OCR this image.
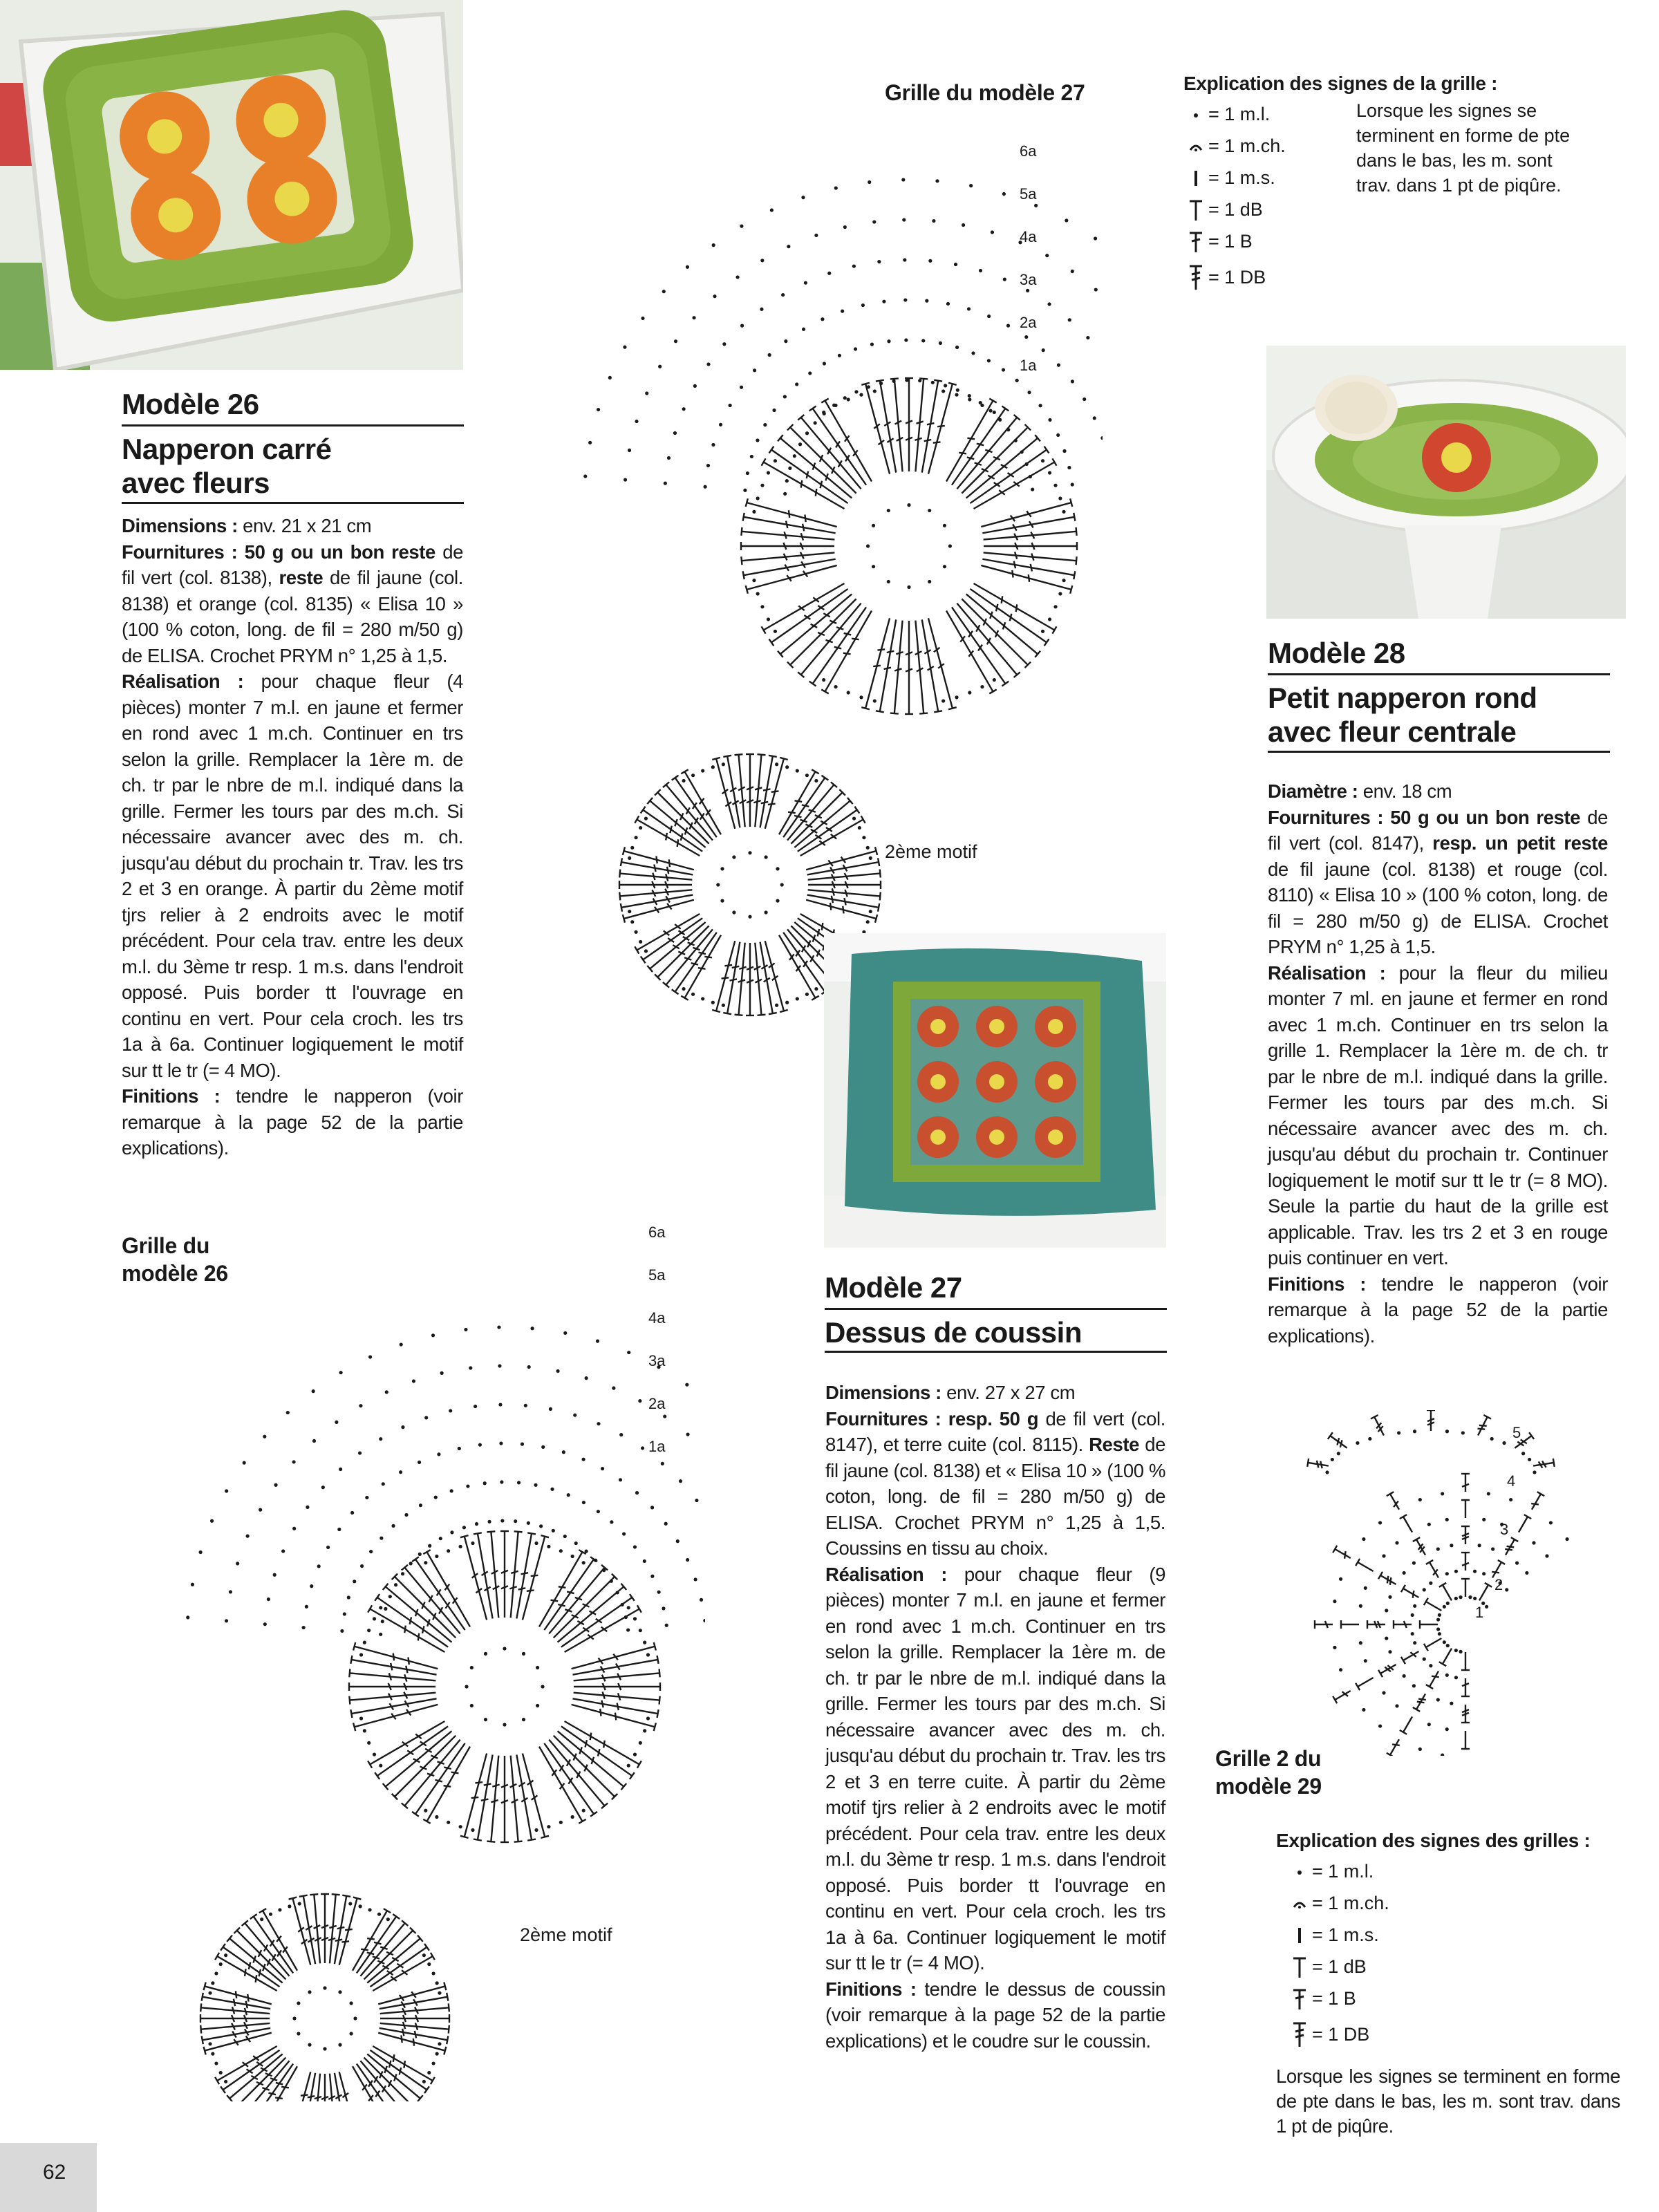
Modèle 26
Napperon carré
avec fleurs

Dimensions : env. 21 x 21 cm

Fournitures : 50 g ou un bon reste de fil vert (col. 8138), reste de fil jaune (col. 8138) et orange (col. 8135) « Elisa 10 » (100 % coton, long. de fil = 280 m/50 g) de ELISA. Crochet PRYM n° 1,25 à 1,5.

Réalisation : pour chaque fleur (4 pièces) monter 7 m.l. en jaune et fermer en rond avec 1 m.ch. Continuer en trs selon la grille. Remplacer la 1ère m. de ch. tr par le nbre de m.l. indiqué dans la grille. Fermer les tours par des m.ch. Si nécessaire avancer avec des m. ch. jusqu'au début du prochain tr. Trav. les trs 2 et 3 en orange. À partir du 2ème motif tjrs relier à 2 endroits avec le motif précédent. Pour cela trav. entre les deux m.l. du 3ème tr resp. 1 m.s. dans l'endroit opposé. Puis border tt l'ouvrage en continu en vert. Pour cela croch. les trs 1a à 6a. Continuer logiquement le motif sur tt le tr (= 4 MO).

Finitions : tendre le napperon (voir remarque à la page 52 de la partie explications).

Grille du
modèle 26
6a
5a
4a
3a
2a
1a
2ème motif
Grille du modèle 27
6a
5a
4a
3a
2a
1a
2ème motif
Explication des signes de la grille :
= 1 m.l.
= 1 m.ch.
= 1 m.s.
= 1 dB
= 1 B
= 1 DB
Lorsque les signes se terminent en forme de pte dans le bas, les m. sont trav. dans 1 pt de piqûre.
Modèle 28
Petit napperon rond
avec fleur centrale

Diamètre : env. 18 cm

Fournitures : 50 g ou un bon reste de fil vert (col. 8147), resp. un petit reste de fil jaune (col. 8138) et rouge (col. 8110) « Elisa 10 » (100 % coton, long. de fil = 280 m/50 g) de ELISA. Crochet PRYM n° 1,25 à 1,5.

Réalisation : pour la fleur du milieu monter 7 ml. en jaune et fermer en rond avec 1 m.ch. Continuer en trs selon la grille 1. Remplacer la 1ère m. de ch. tr par le nbre de m.l. indiqué dans la grille. Fermer les tours par des m.ch. Si nécessaire avancer avec des m. ch. jusqu'au début du prochain tr. Continuer logiquement le motif sur tt le tr (= 8 MO). Seule la partie du haut de la grille est applicable. Trav. les trs 2 et 3 en rouge puis continuer en vert.

Finitions : tendre le napperon (voir remarque à la page 52 de la partie explications).

Modèle 27
Dessus de coussin

Dimensions : env. 27 x 27 cm

Fournitures : resp. 50 g de fil vert (col. 8147), et terre cuite (col. 8115). Reste de fil jaune (col. 8138) et « Elisa 10 » (100 % coton, long. de fil = 280 m/50 g) de ELISA. Crochet PRYM n° 1,25 à 1,5. Coussins en tissu au choix.

Réalisation : pour chaque fleur (9 pièces) monter 7 m.l. en jaune et fermer en rond avec 1 m.ch. Continuer en trs selon la grille. Remplacer la 1ère m. de ch. tr par le nbre de m.l. indiqué dans la grille. Fermer les tours par des m.ch. Si nécessaire avancer avec des m. ch. jusqu'au début du prochain tr. Trav. les trs 2 et 3 en terre cuite. À partir du 2ème motif tjrs relier à 2 endroits avec le motif précédent. Pour cela trav. entre les deux m.l. du 3ème tr resp. 1 m.s. dans l'endroit opposé. Puis border tt l'ouvrage en continu en vert. Pour cela croch. les trs 1a à 6a. Continuer logiquement le motif sur tt le tr (= 4 MO).

Finitions : tendre le dessus de coussin (voir remarque à la page 52 de la partie explications) et le coudre sur le coussin.

1
2
3
4
5
Grille 2 du
modèle 29
Explication des signes des grilles :
= 1 m.l.
= 1 m.ch.
= 1 m.s.
= 1 dB
= 1 B
= 1 DB
Lorsque les signes se terminent en forme de pte dans le bas, les m. sont trav. dans 1 pt de piqûre.
62
